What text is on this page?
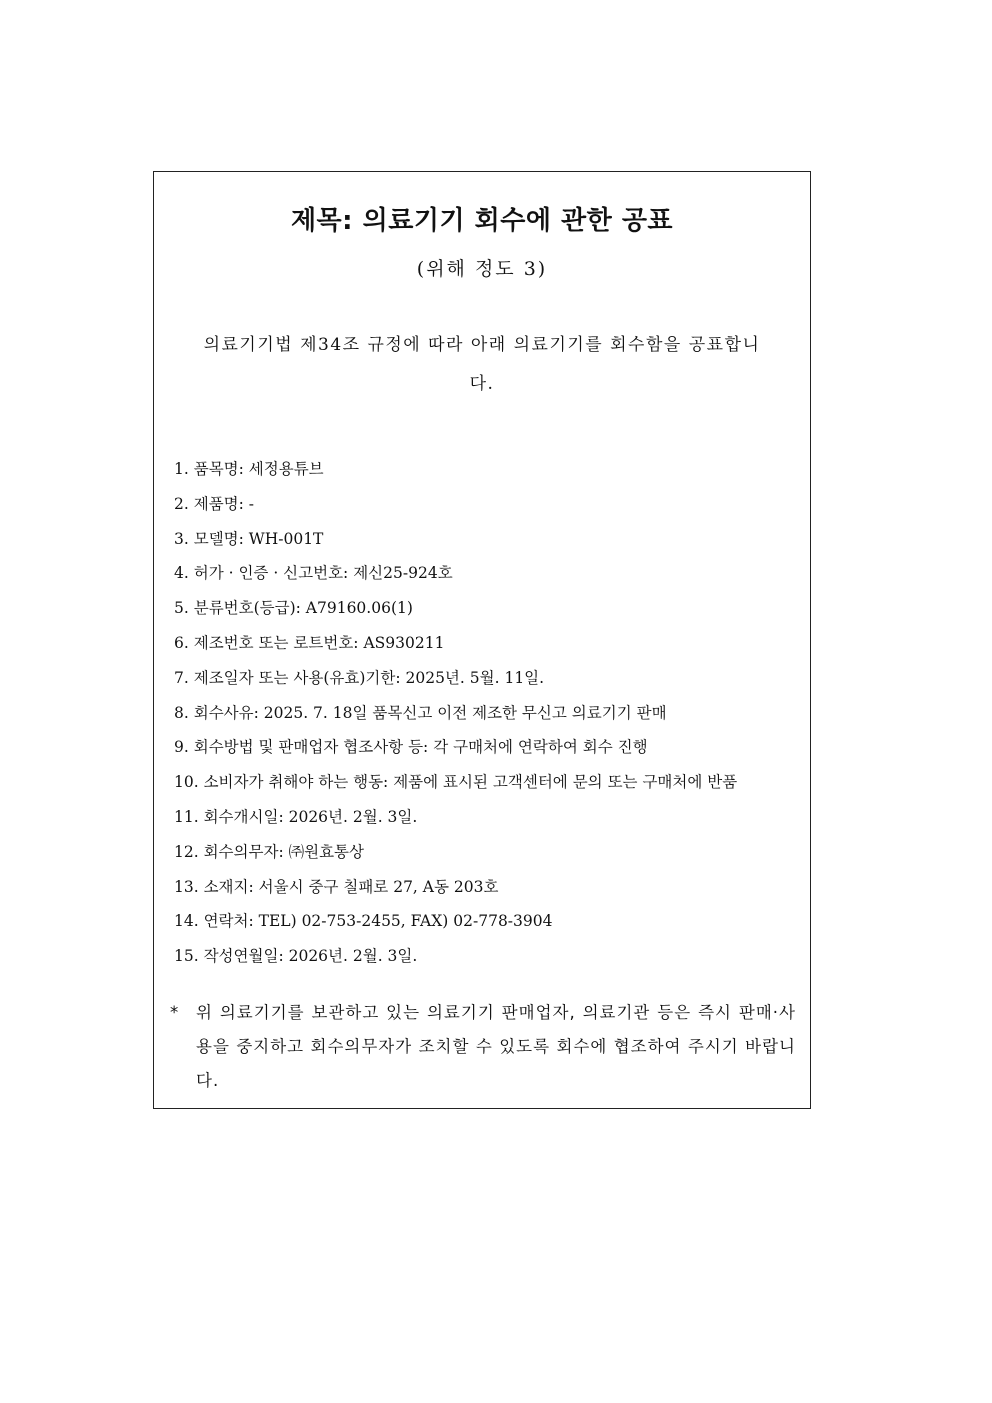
제목: 의료기기 회수에 관한 공표
(위해 정도 3)
의료기기법 제34조 규정에 따라 아래 의료기기를 회수함을 공표합니다.
1. 품목명: 세정용튜브
2. 제품명: -
3. 모델명: WH-001T
4. 허가 · 인증 · 신고번호: 제신25-924호
5. 분류번호(등급): A79160.06(1)
6. 제조번호 또는 로트번호: AS930211
7. 제조일자 또는 사용(유효)기한: 2025년. 5월. 11일.
8. 회수사유: 2025. 7. 18일 품목신고 이전 제조한 무신고 의료기기 판매
9. 회수방법 및 판매업자 협조사항 등: 각 구매처에 연락하여 회수 진행
10. 소비자가 취해야 하는 행동: 제품에 표시된 고객센터에 문의 또는 구매처에 반품
11. 회수개시일: 2026년. 2월. 3일.
12. 회수의무자: ㈜원효통상
13. 소재지: 서울시 중구 칠패로 27, A동 203호
14. 연락처: TEL) 02-753-2455, FAX) 02-778-3904
15. 작성연월일: 2026년. 2월. 3일.
*	위 의료기기를 보관하고 있는 의료기기 판매업자, 의료기관 등은 즉시 판매·사용을 중지하고 회수의무자가 조치할 수 있도록 회수에 협조하여 주시기 바랍니다.
